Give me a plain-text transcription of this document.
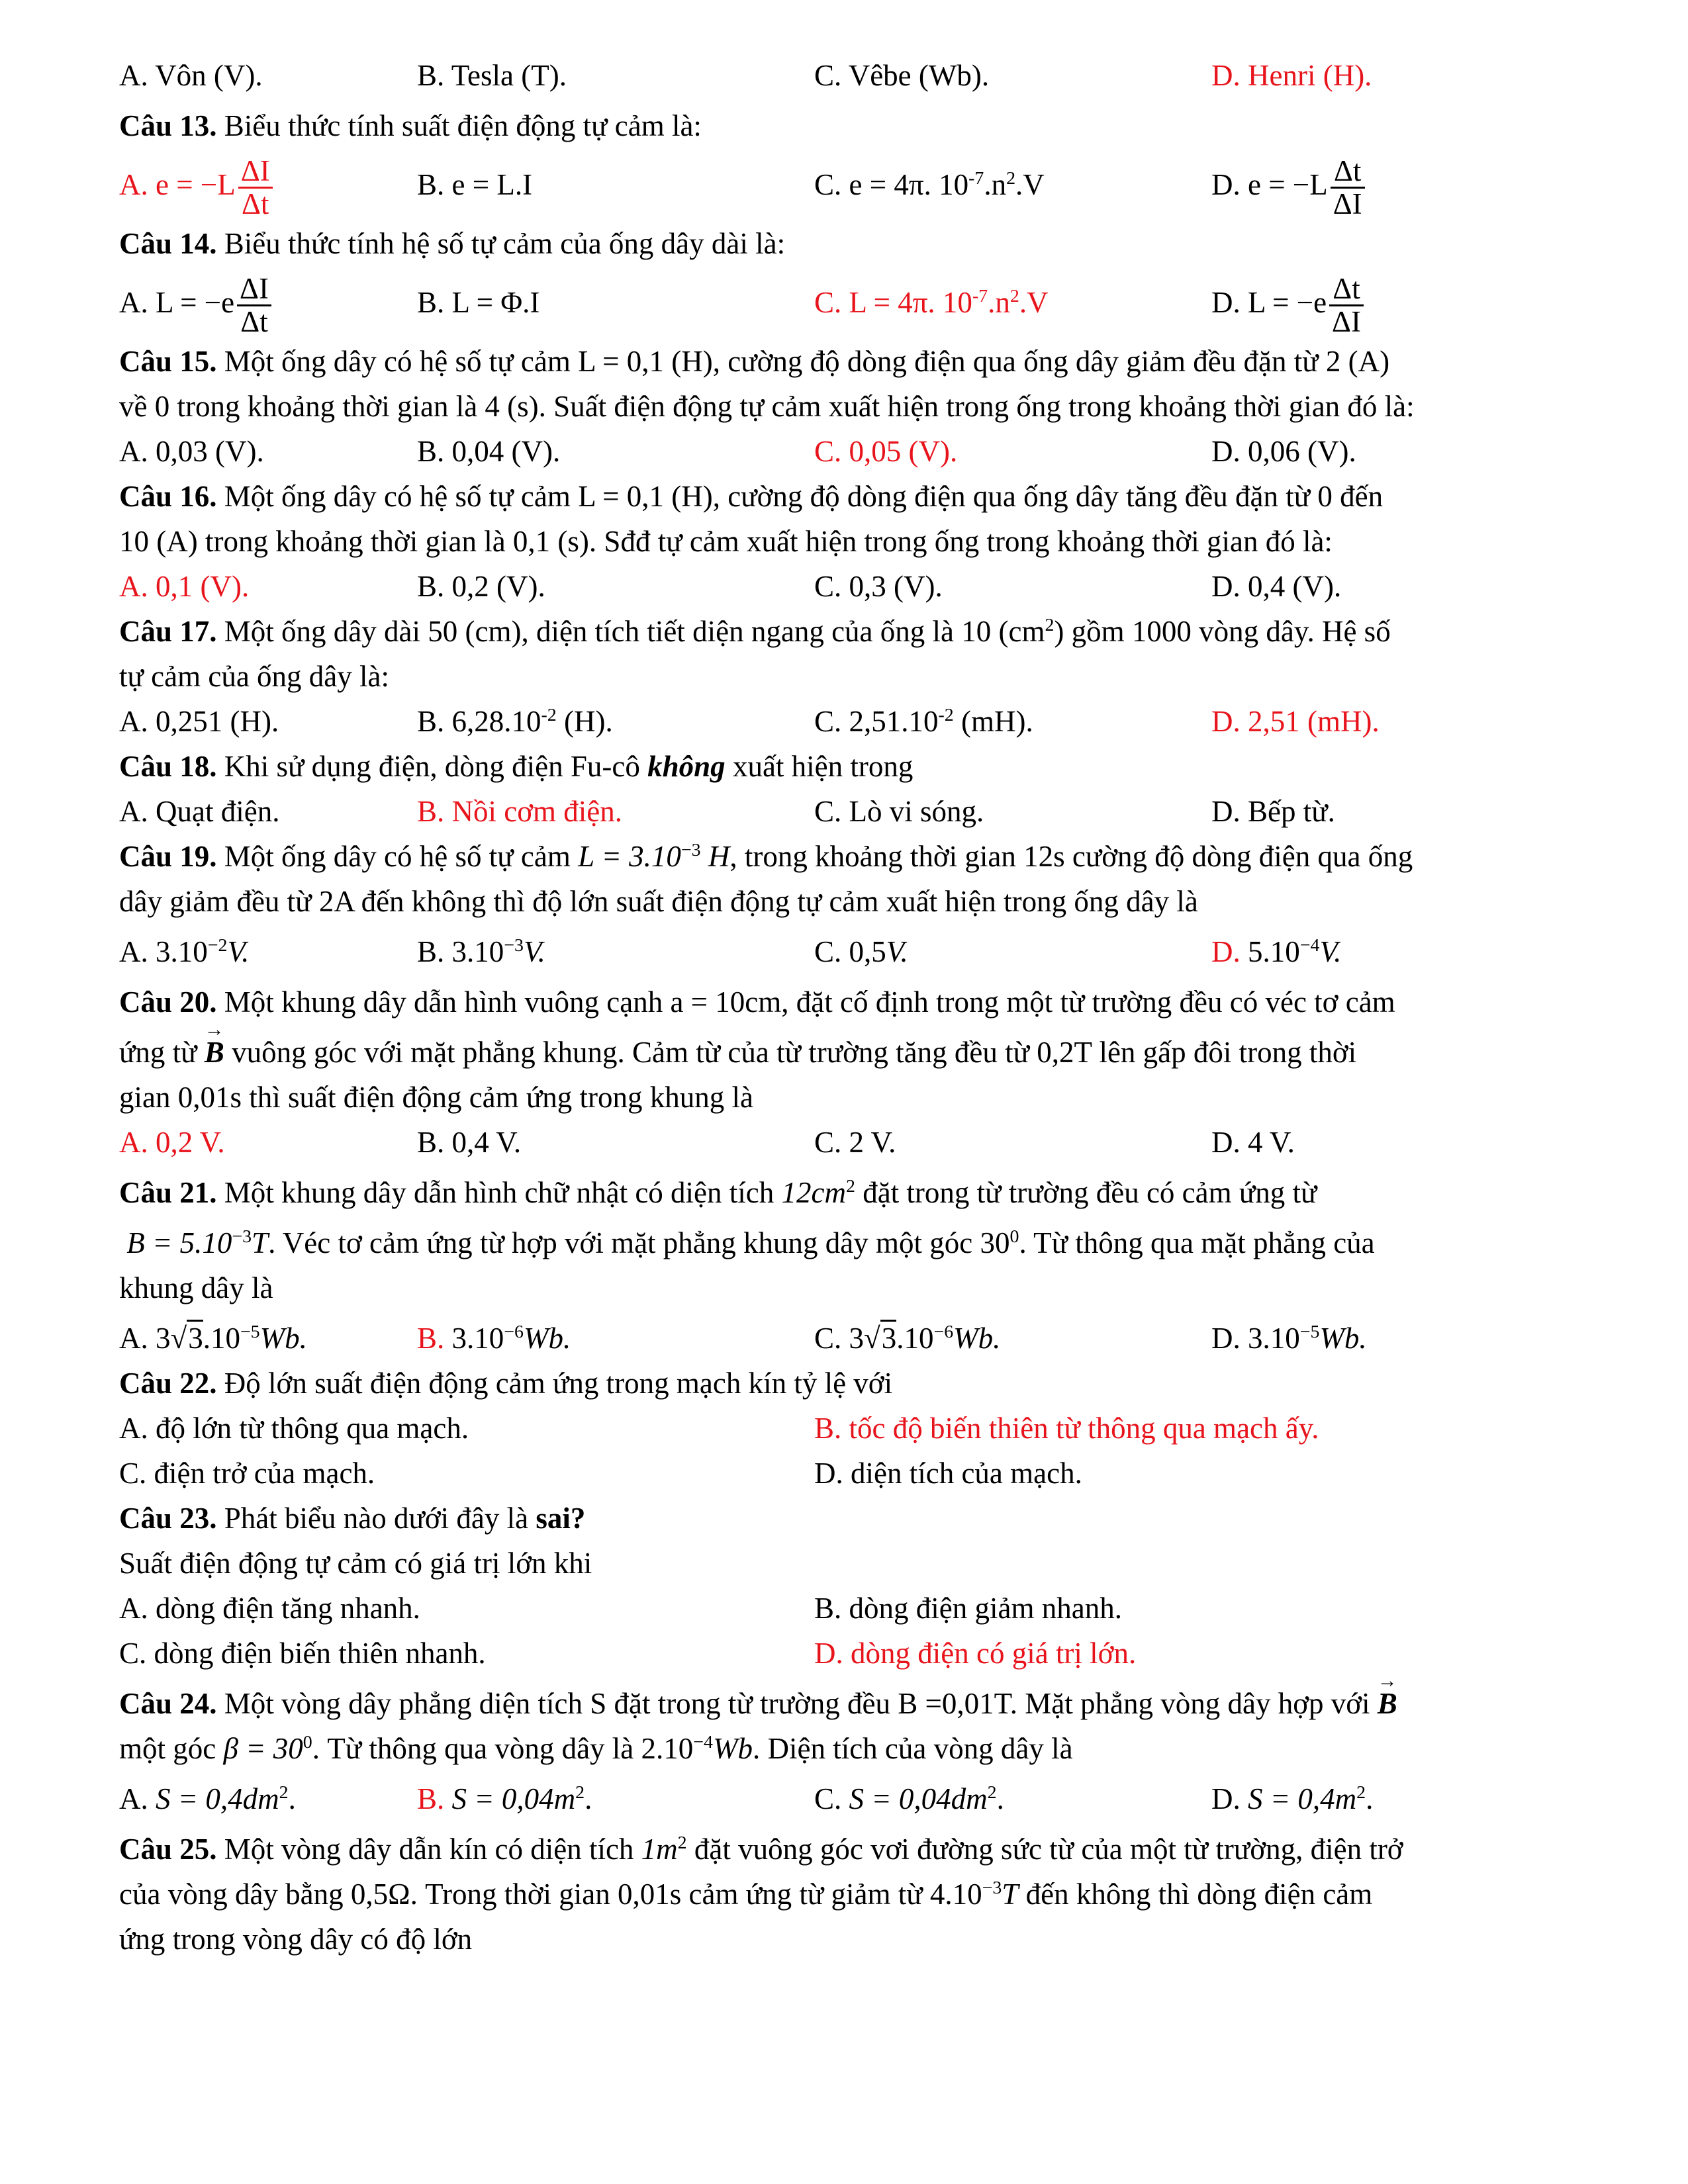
A. Vôn (V).	B. Tesla (T).	C. Vêbe (Wb).	D. Henri (H).
Câu 13. Biểu thức tính suất điện động tự cảm là:
A. $e = -L \frac{\Delta I}{\Delta t}$	B. e = L.I	C. e = 4π. $10^{-7}.n^2.V$	D. $e = -L \frac{\Delta t}{\Delta I}$
Câu 14. Biểu thức tính hệ số tự cảm của ống dây dài là:
A. $L = -e \frac{\Delta I}{\Delta t}$	B. L = Φ.I	C. L = 4π. $10^{-7}.n^2.V$	D. $L = -e \frac{\Delta t}{\Delta I}$
Câu 15. Một ống dây có hệ số tự cảm L = 0,1 (H), cường độ dòng điện qua ống dây giảm đều đặn từ 2 (A)
về 0 trong khoảng thời gian là 4 (s). Suất điện động tự cảm xuất hiện trong ống trong khoảng thời gian đó là:
A. 0,03 (V).	B. 0,04 (V).	C. 0,05 (V).	D. 0,06 (V).
Câu 16. Một ống dây có hệ số tự cảm L = 0,1 (H), cường độ dòng điện qua ống dây tăng đều đặn từ 0 đến
10 (A) trong khoảng thời gian là 0,1 (s). Sđđ tự cảm xuất hiện trong ống trong khoảng thời gian đó là:
A. 0,1 (V).	B. 0,2 (V).	C. 0,3 (V).	D. 0,4 (V).
Câu 17. Một ống dây dài 50 (cm), diện tích tiết diện ngang của ống là 10 $(cm^2)$ gồm 1000 vòng dây. Hệ số
tự cảm của ống dây là:
A. 0,251 (H).	B. $6,28.10^{-2}$ (H).	C. $2,51.10^{-2}$ (mH).	D. 2,51 (mH).
Câu 18. Khi sử dụng điện, dòng điện Fu-cô không xuất hiện trong
A. Quạt điện.	B. Nồi cơm điện.	C. Lò vi sóng.	D. Bếp từ.
Câu 19. Một ống dây có hệ số tự cảm $L = 3.10^{-3}$ H, trong khoảng thời gian 12s cường độ dòng điện qua ống
dây giảm đều từ 2A đến không thì độ lớn suất điện động tự cảm xuất hiện trong ống dây là
A. $3.10^{-2}V$.	B. $3.10^{-3}V$.	C. 0,5V.	D. $5.10^{-4}V$.
Câu 20. Một khung dây dẫn hình vuông cạnh a = 10cm, đặt cố định trong một từ trường đều có véc tơ cảm
ứng từ → B vuông góc với mặt phẳng khung. Cảm từ của từ trường tăng đều từ 0,2T lên gấp đôi trong thời
gian 0,01s thì suất điện động cảm ứng trong khung là
A. 0,2 V.	B. 0,4 V.	C. 2 V.	D. 4 V.
Câu 21. Một khung dây dẫn hình chữ nhật có diện tích $12cm^2$ đặt trong từ trường đều có cảm ứng từ
$B = 5.10^{-3}T$. Véc tơ cảm ứng từ hợp với mặt phẳng khung dây một góc $30^0$. Từ thông qua mặt phẳng của
khung dây là
A. $3√3.10^{-5}Wb$.	B. $3.10^{-6}Wb$.	C. $3√3.10^{-6}Wb$.	D. $3.10^{-5}Wb$.
Câu 22. Độ lớn suất điện động cảm ứng trong mạch kín tỷ lệ với
A. độ lớn từ thông qua mạch.	B. tốc độ biến thiên từ thông qua mạch ấy.
C. điện trở của mạch.	D. diện tích của mạch.
Câu 23. Phát biểu nào dưới đây là sai?
Suất điện động tự cảm có giá trị lớn khi
A. dòng điện tăng nhanh.	B. dòng điện giảm nhanh.
C. dòng điện biến thiên nhanh.	D. dòng điện có giá trị lớn.
Câu 24. Một vòng dây phẳng diện tích S đặt trong từ trường đều B =0,01T. Mặt phẳng vòng dây hợp với → B
một góc $\beta = 30^0$. Từ thông qua vòng dây là $2.10^{-4}Wb$. Diện tích của vòng dây là
A. $S = 0,4dm^2$.	B. $S = 0,04m^2$.	C. $S = 0,04dm^2$.	D. $S = 0,4m^2$.
Câu 25. Một vòng dây dẫn kín có diện tích $1m^2$ đặt vuông góc vơi đường sức từ của một từ trường, điện trở
của vòng dây bằng 0,5Ω. Trong thời gian 0,01s cảm ứng từ giảm từ $4.10^{-3}T$ đến không thì dòng điện cảm
ứng trong vòng dây có độ lớn
